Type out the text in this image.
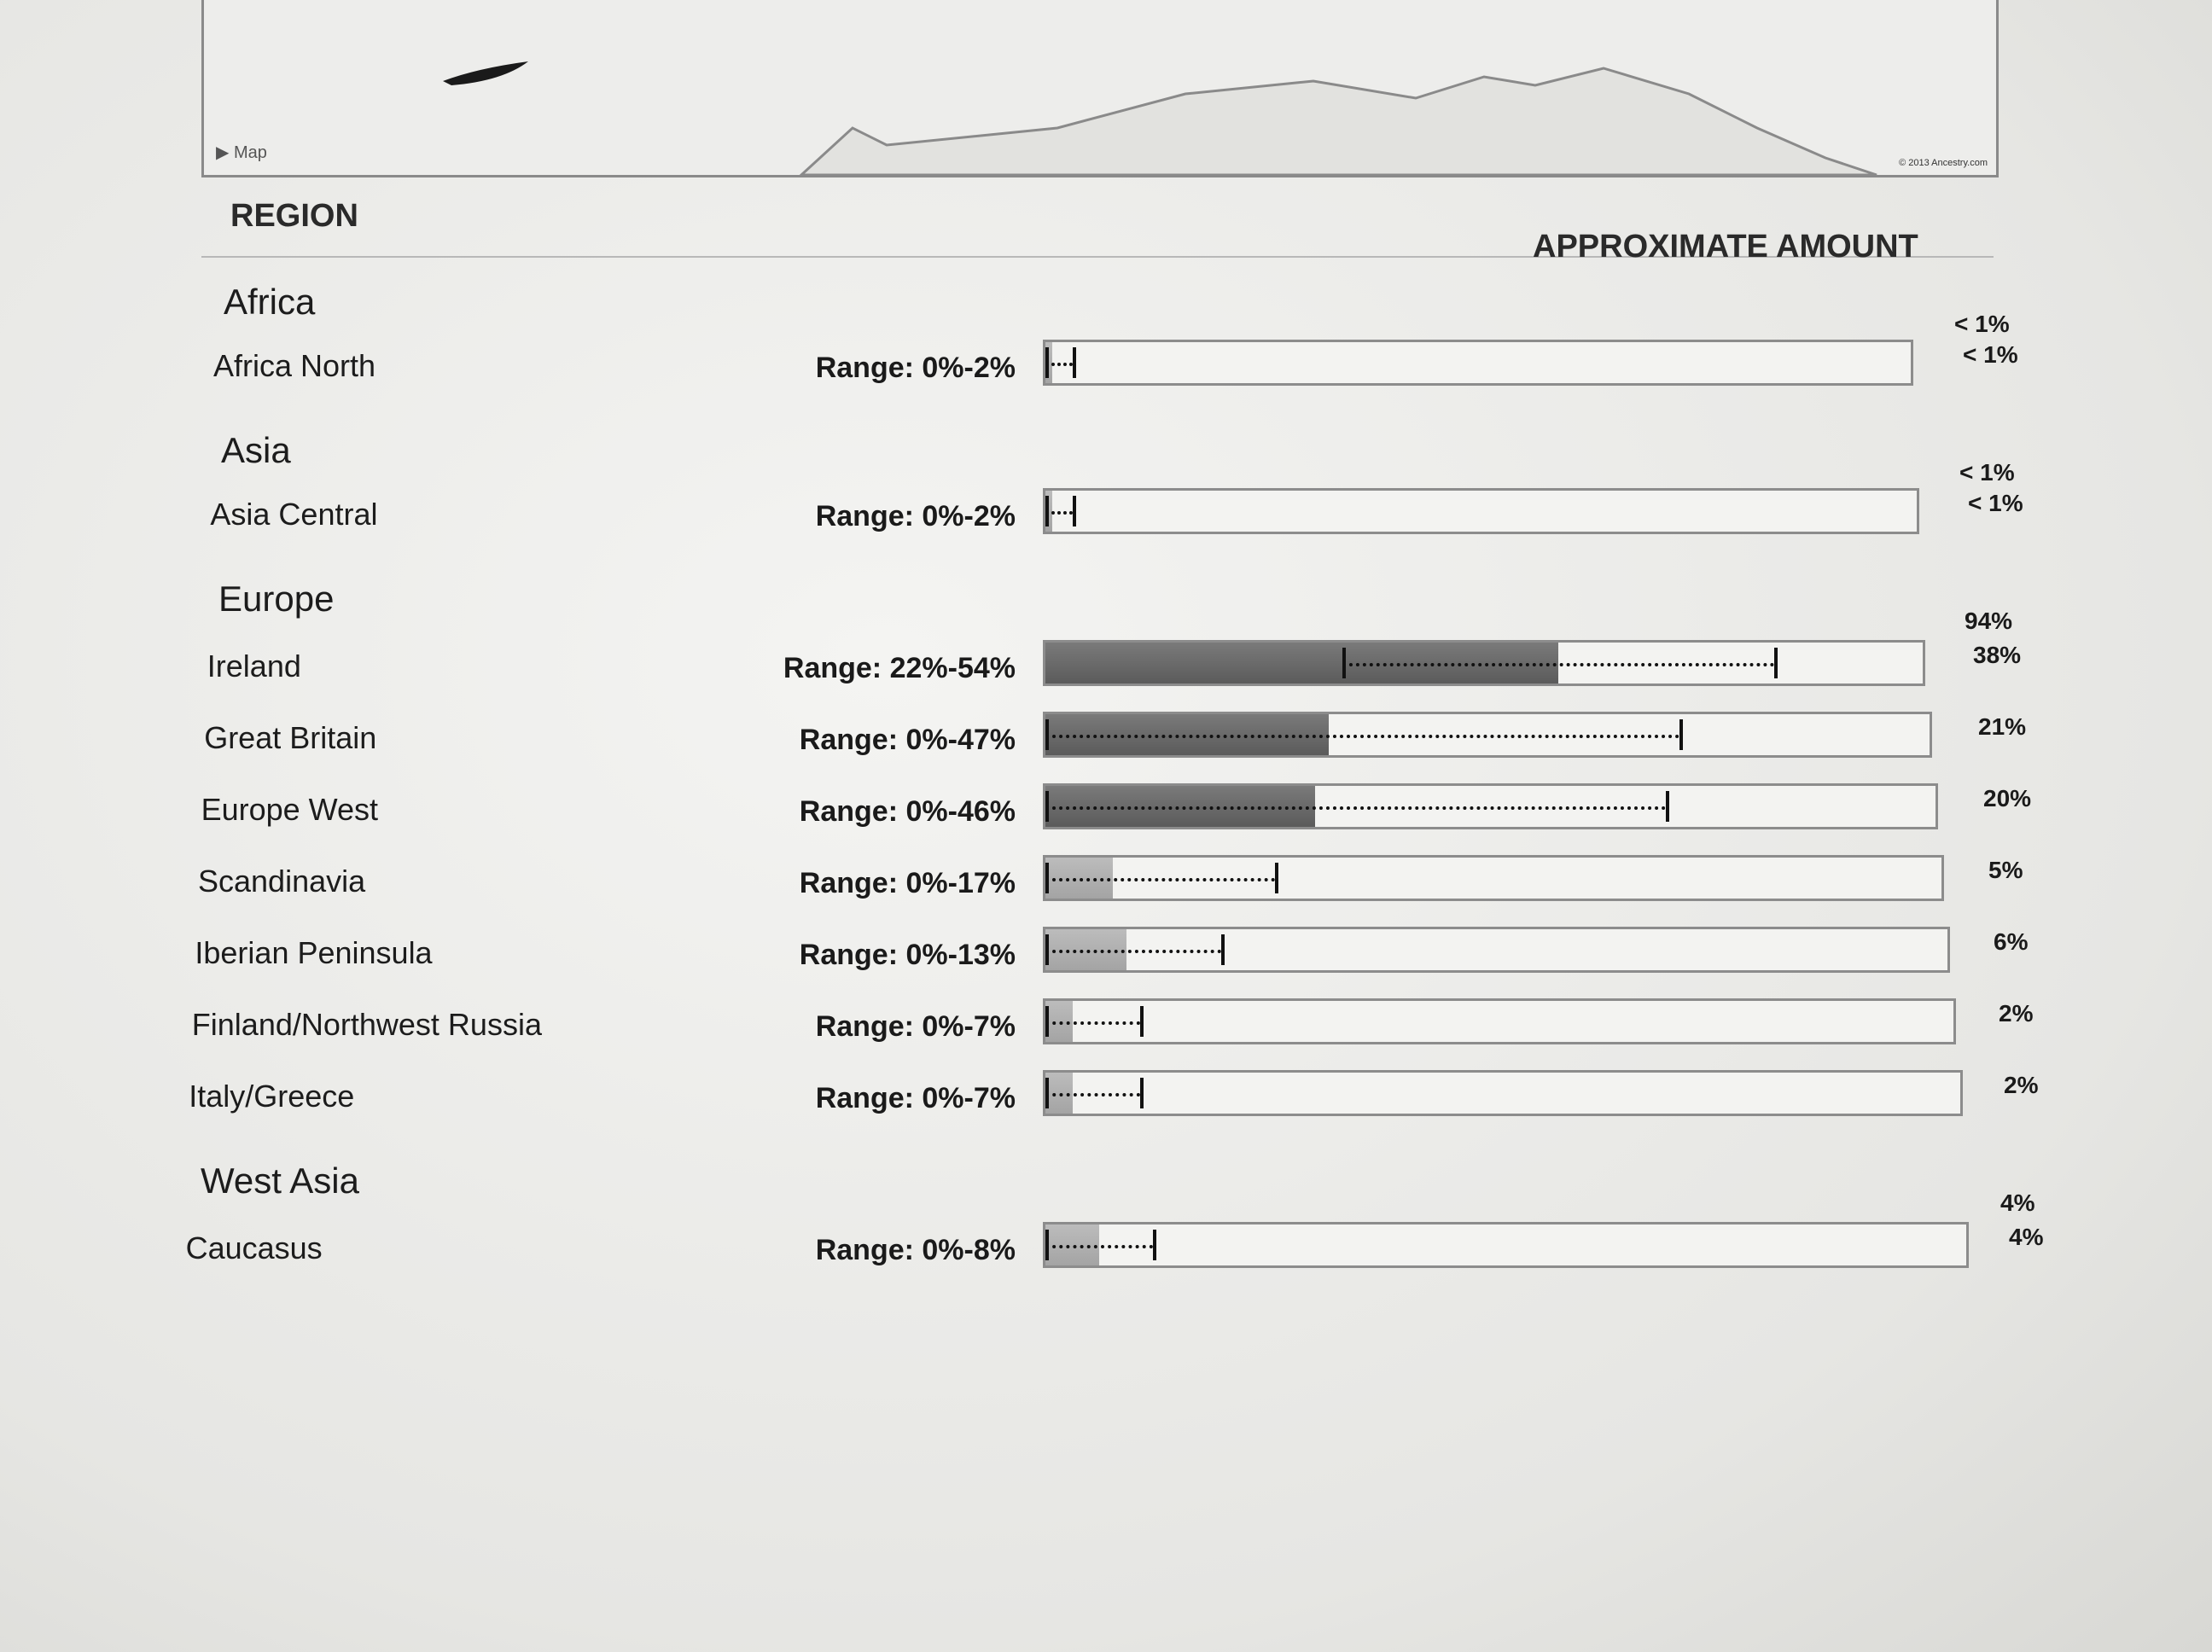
▶ Map
© 2013 Ancestry.com
REGION
APPROXIMATE AMOUNT
Africa
< 1%
Africa North	Range: 0%-2%	< 1%
Asia
< 1%
Asia Central	Range: 0%-2%	< 1%
Europe
94%
Ireland	Range: 22%-54%	38%
Great Britain	Range: 0%-47%	21%
Europe West	Range: 0%-46%	20%
Scandinavia	Range: 0%-17%	5%
Iberian Peninsula	Range: 0%-13%	6%
Finland/Northwest Russia	Range: 0%-7%	2%
Italy/Greece	Range: 0%-7%	2%
West Asia
4%
Caucasus	Range: 0%-8%	4%
